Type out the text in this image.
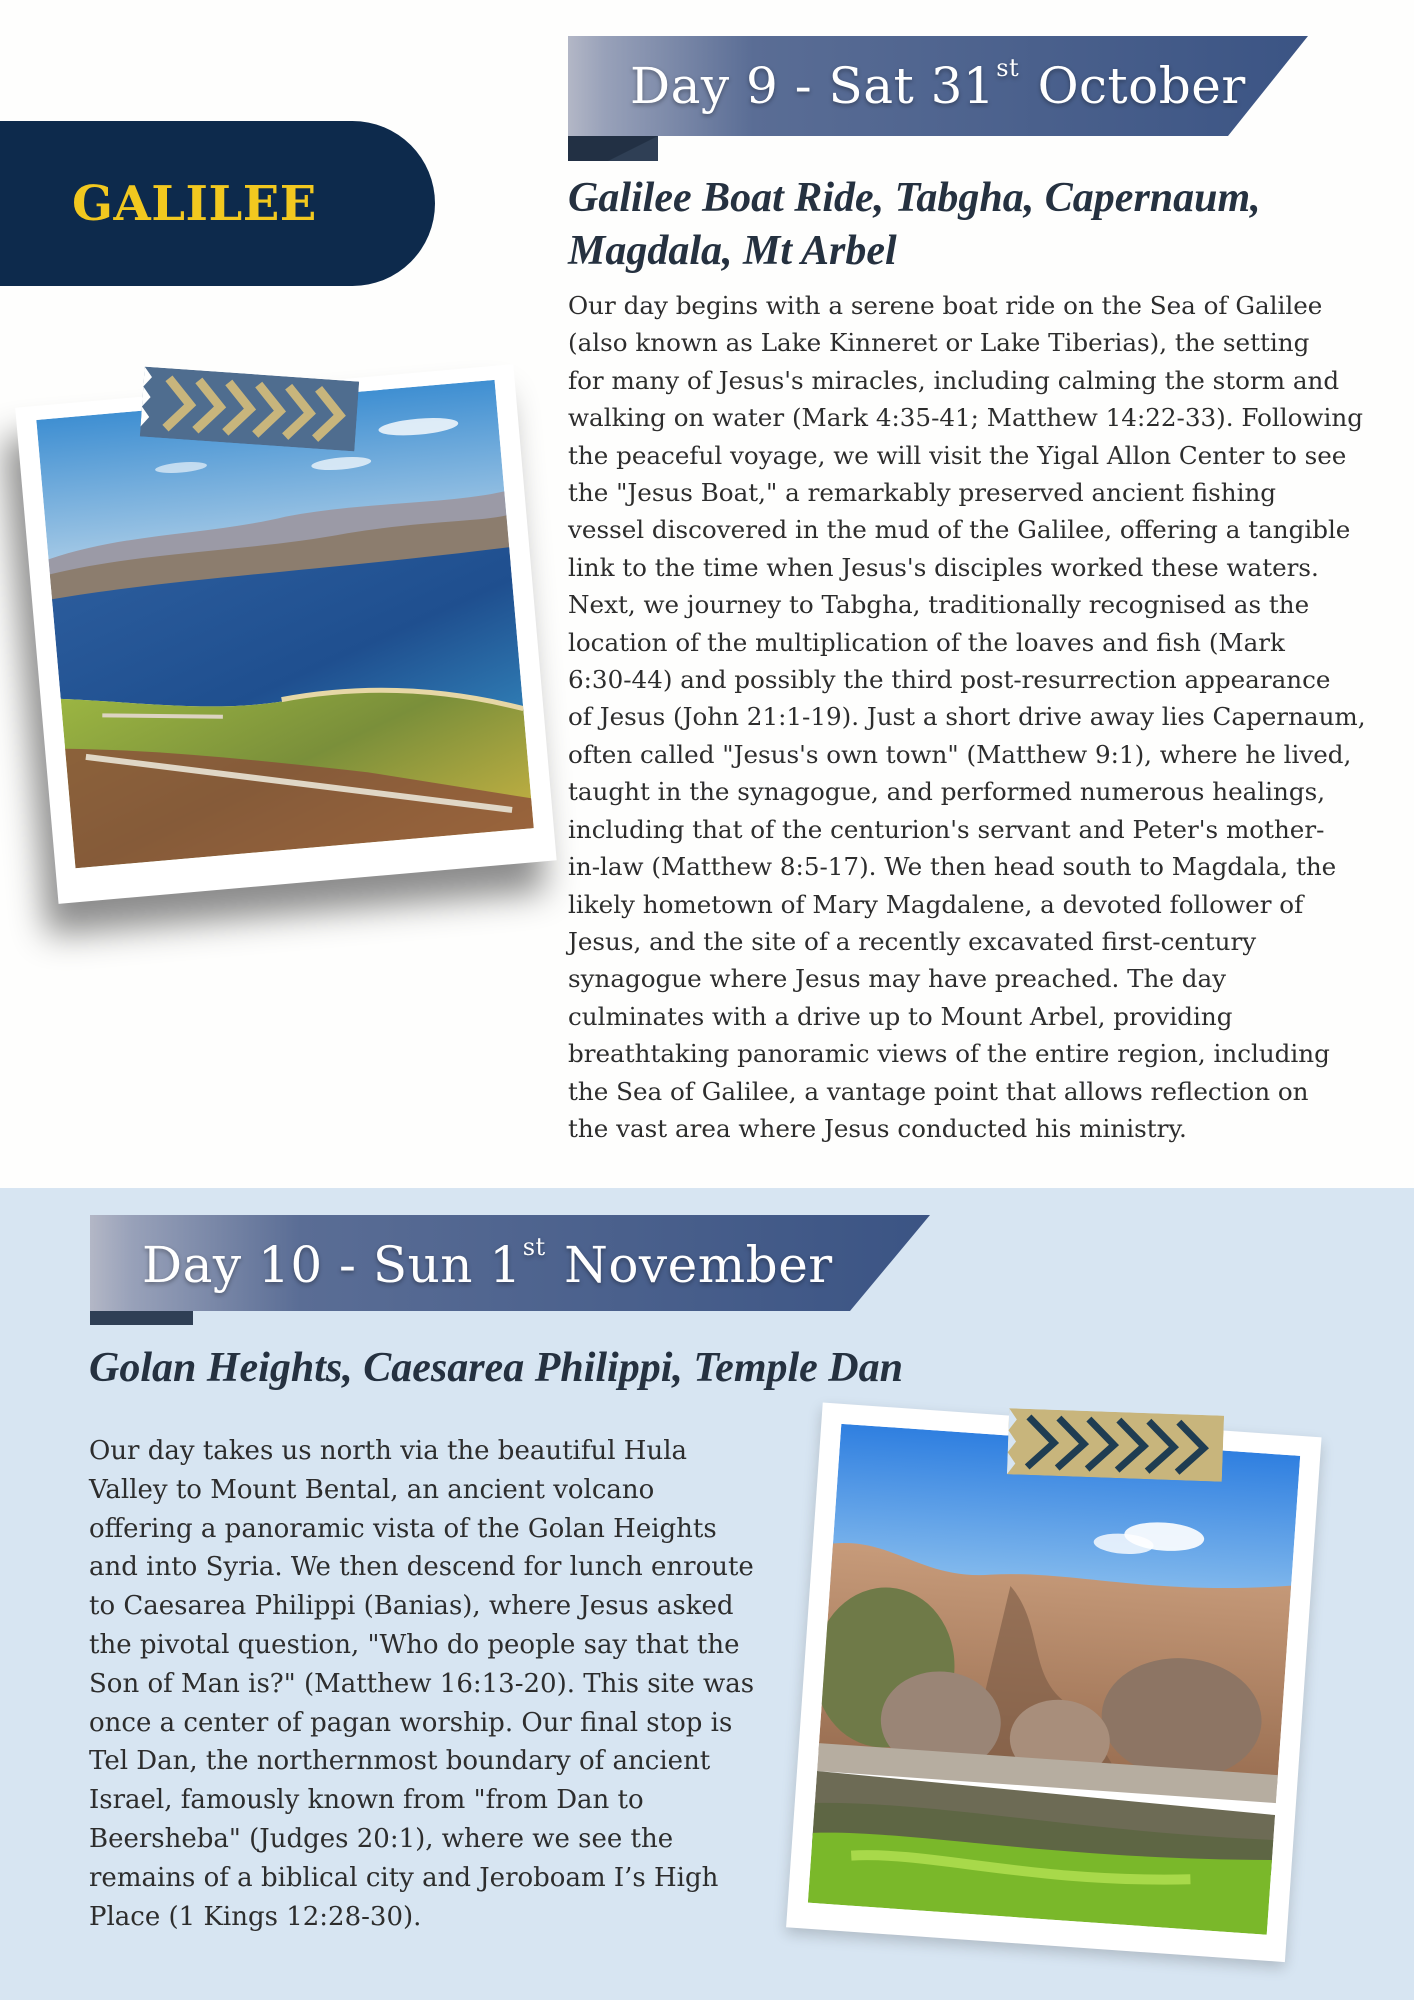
Day 9 - Sat 31st October
GALILEE	Galilee Boat Ride, Tabgha, Capernaum, Magdala, Mt Arbel
Our day begins with a serene boat ride on the Sea of Galilee
(also known as Lake Kinneret or Lake Tiberias), the setting
for many of Jesus's miracles, including calming the storm and
walking on water (Mark 4:35-41; Matthew 14:22-33). Following
the peaceful voyage, we will visit the Yigal Allon Center to see
the "Jesus Boat," a remarkably preserved ancient fishing
vessel discovered in the mud of the Galilee, offering a tangible
link to the time when Jesus's disciples worked these waters.
Next, we journey to Tabgha, traditionally recognised as the
location of the multiplication of the loaves and fish (Mark
6:30-44) and possibly the third post-resurrection appearance
of Jesus (John 21:1-19). Just a short drive away lies Capernaum,
often called "Jesus's own town" (Matthew 9:1), where he lived,
taught in the synagogue, and performed numerous healings,
including that of the centurion's servant and Peter's mother-
in-law (Matthew 8:5-17). We then head south to Magdala, the
likely hometown of Mary Magdalene, a devoted follower of
Jesus, and the site of a recently excavated first-century
synagogue where Jesus may have preached. The day
culminates with a drive up to Mount Arbel, providing
breathtaking panoramic views of the entire region, including
the Sea of Galilee, a vantage point that allows reflection on
the vast area where Jesus conducted his ministry.
Day 10 - Sun 1st November
Golan Heights, Caesarea Philippi, Temple Dan
Our day takes us north via the beautiful Hula
Valley to Mount Bental, an ancient volcano
offering a panoramic vista of the Golan Heights
and into Syria. We then descend for lunch enroute
to Caesarea Philippi (Banias), where Jesus asked
the pivotal question, "Who do people say that the
Son of Man is?" (Matthew 16:13-20). This site was
once a center of pagan worship. Our final stop is
Tel Dan, the northernmost boundary of ancient
Israel, famously known from "from Dan to
Beersheba" (Judges 20:1), where we see the
remains of a biblical city and Jeroboam I’s High
Place (1 Kings 12:28-30).
